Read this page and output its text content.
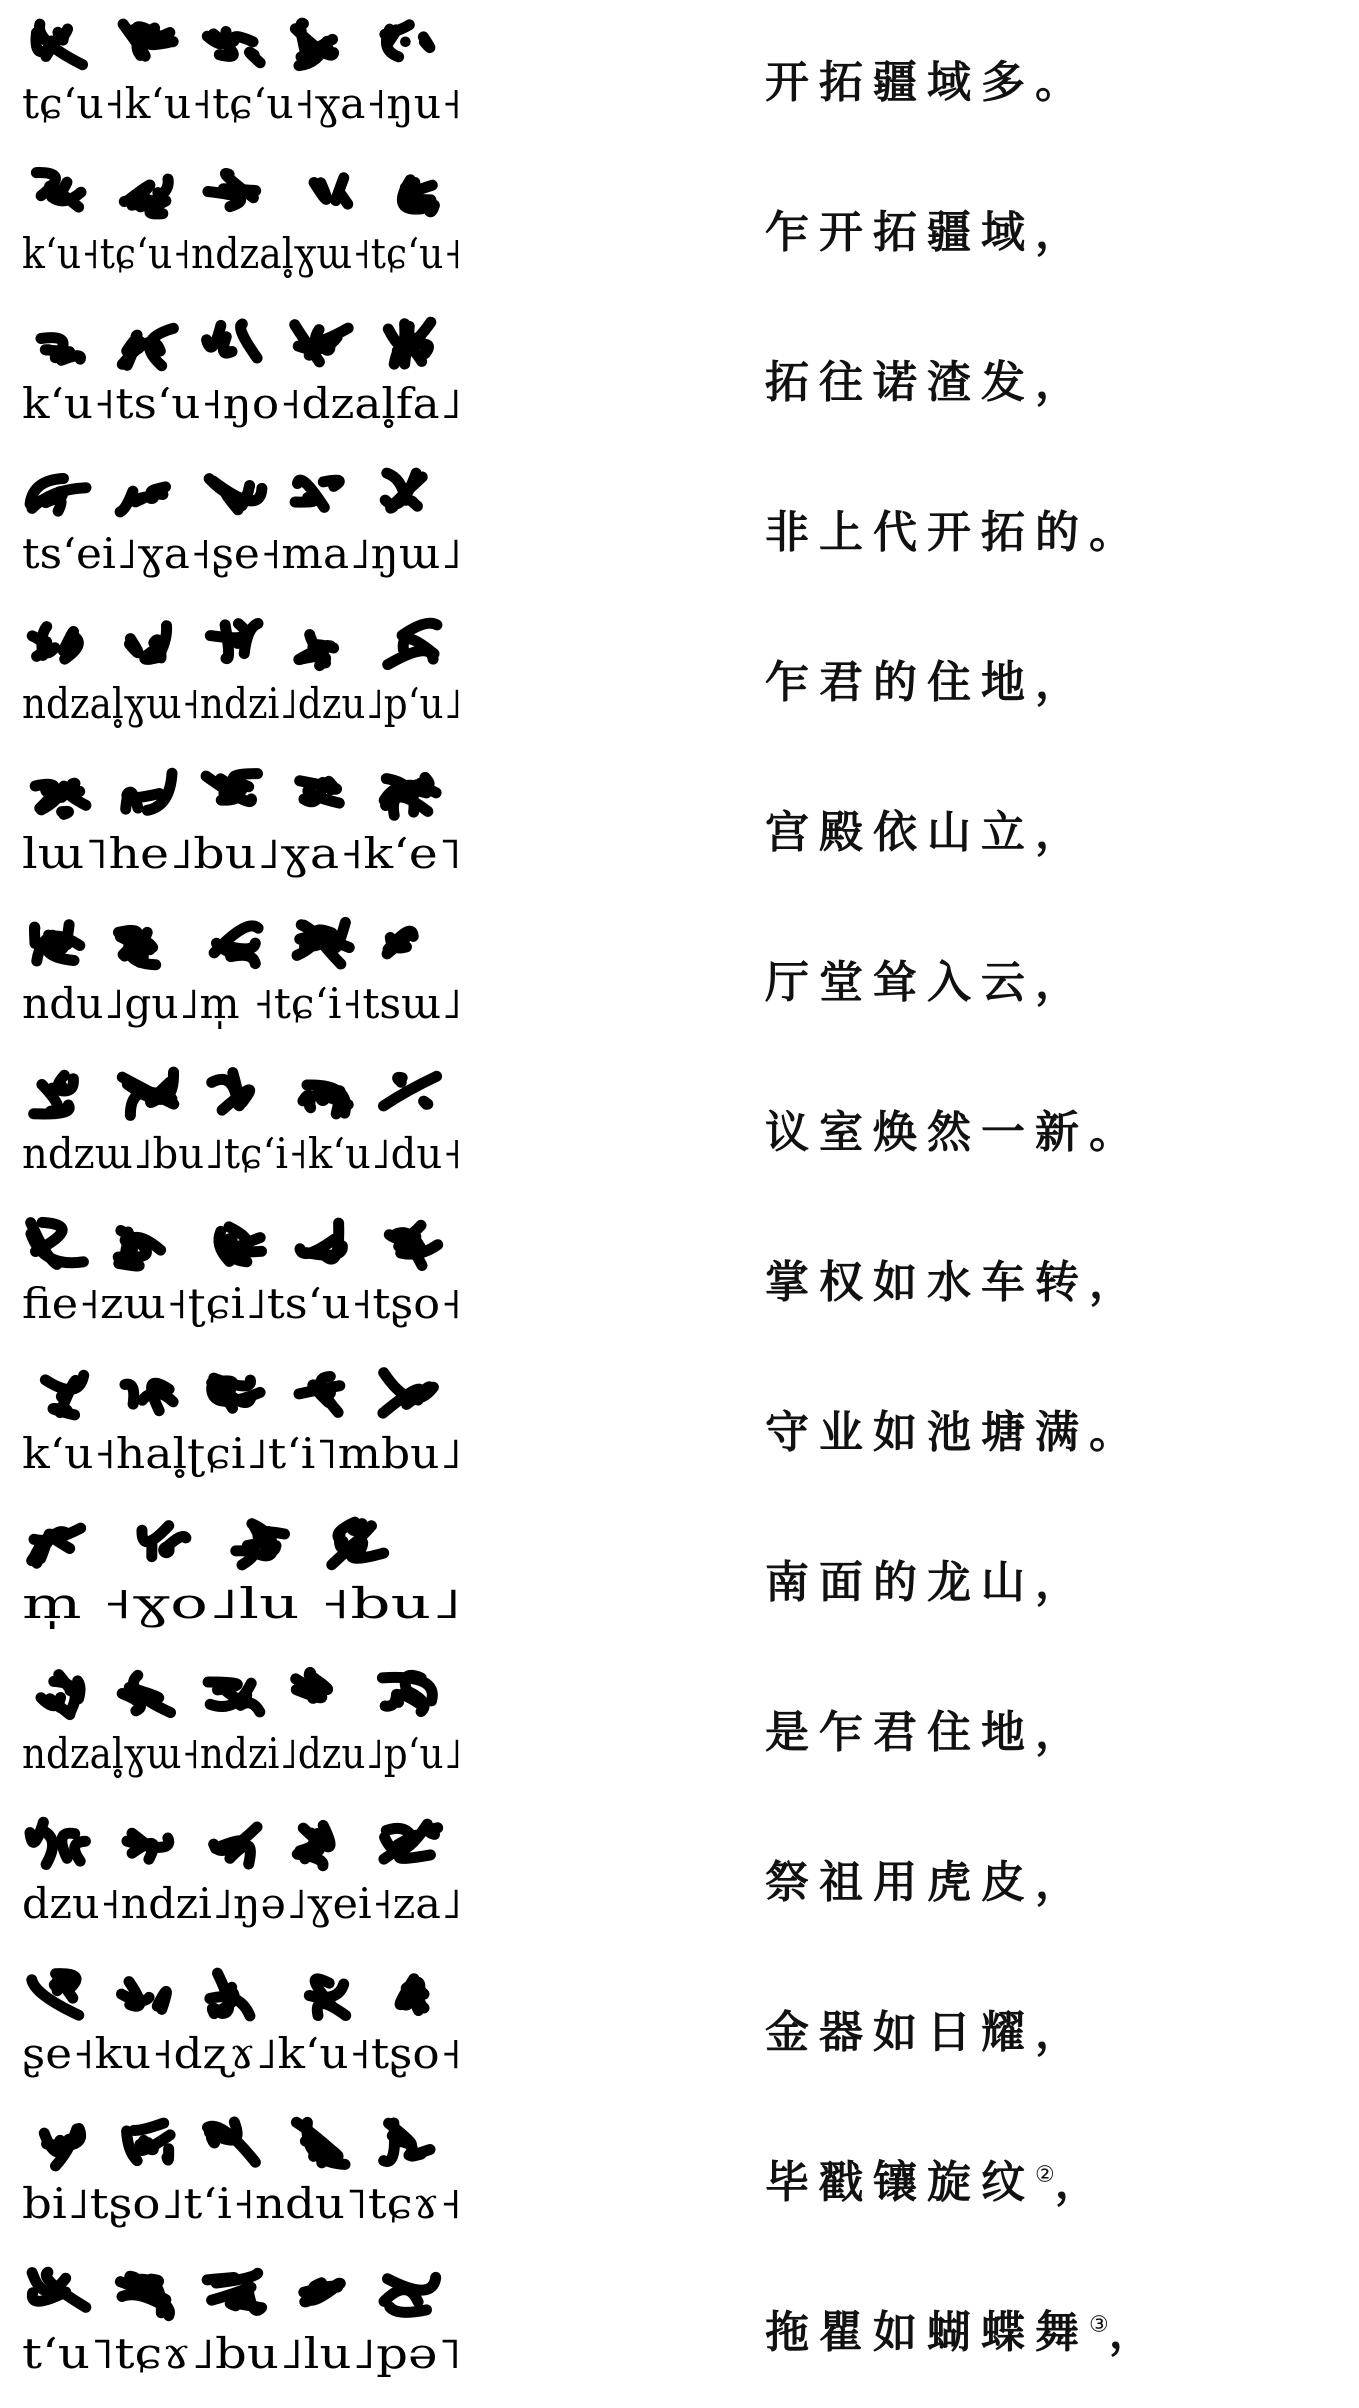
tɕʻu˧kʻu˧tɕʻu˧ɣa˧ŋu˧	开拓疆域多。
kʻu˧tɕʻu˧ndzal̥ɣɯ˧tɕʻu˧	乍开拓疆域，
kʻu˧tsʻu˧ŋo˧dzal̥fa˩	拓往诺渣发，
tsʻei˩ɣa˧ʂe˧ma˩ŋɯ˩	非上代开拓的。
ndzal̥ɣɯ˧ndzi˩dzu˩pʻu˩	乍君的住地，
lɯ˥he˩bu˩ɣa˧kʻe˥	宫殿依山立，
ndu˩gu˩m̩ ˧tɕʻi˧tsɯ˩	厅堂耸入云，
ndzɯ˩bu˩tɕʻi˧kʻu˩du˧	议室焕然一新。
fie˧zɯ˧ʈɕi˩tsʻu˧tʂo˧	掌权如水车转，
kʻu˧hal̥ʈɕi˩tʻi˥mbu˩	守业如池塘满。
m̩ ˧ɣo˩lu ˧bu˩	南面的龙山，
ndzal̥ɣɯ˧ndzi˩dzu˩pʻu˩	是乍君住地，
dzu˧ndzi˩ŋə˩ɣei˧za˩	祭祖用虎皮，
ʂe˧ku˧dʐɤ˩kʻu˧tʂo˧	金器如日耀，
bi˩tʂo˩tʻi˧ndu˥tɕɤ˧	毕戳镶旋纹②，
tʻu˥tɕɤ˩bu˩lu˩pə˥	拖瞿如蝴蝶舞③，
